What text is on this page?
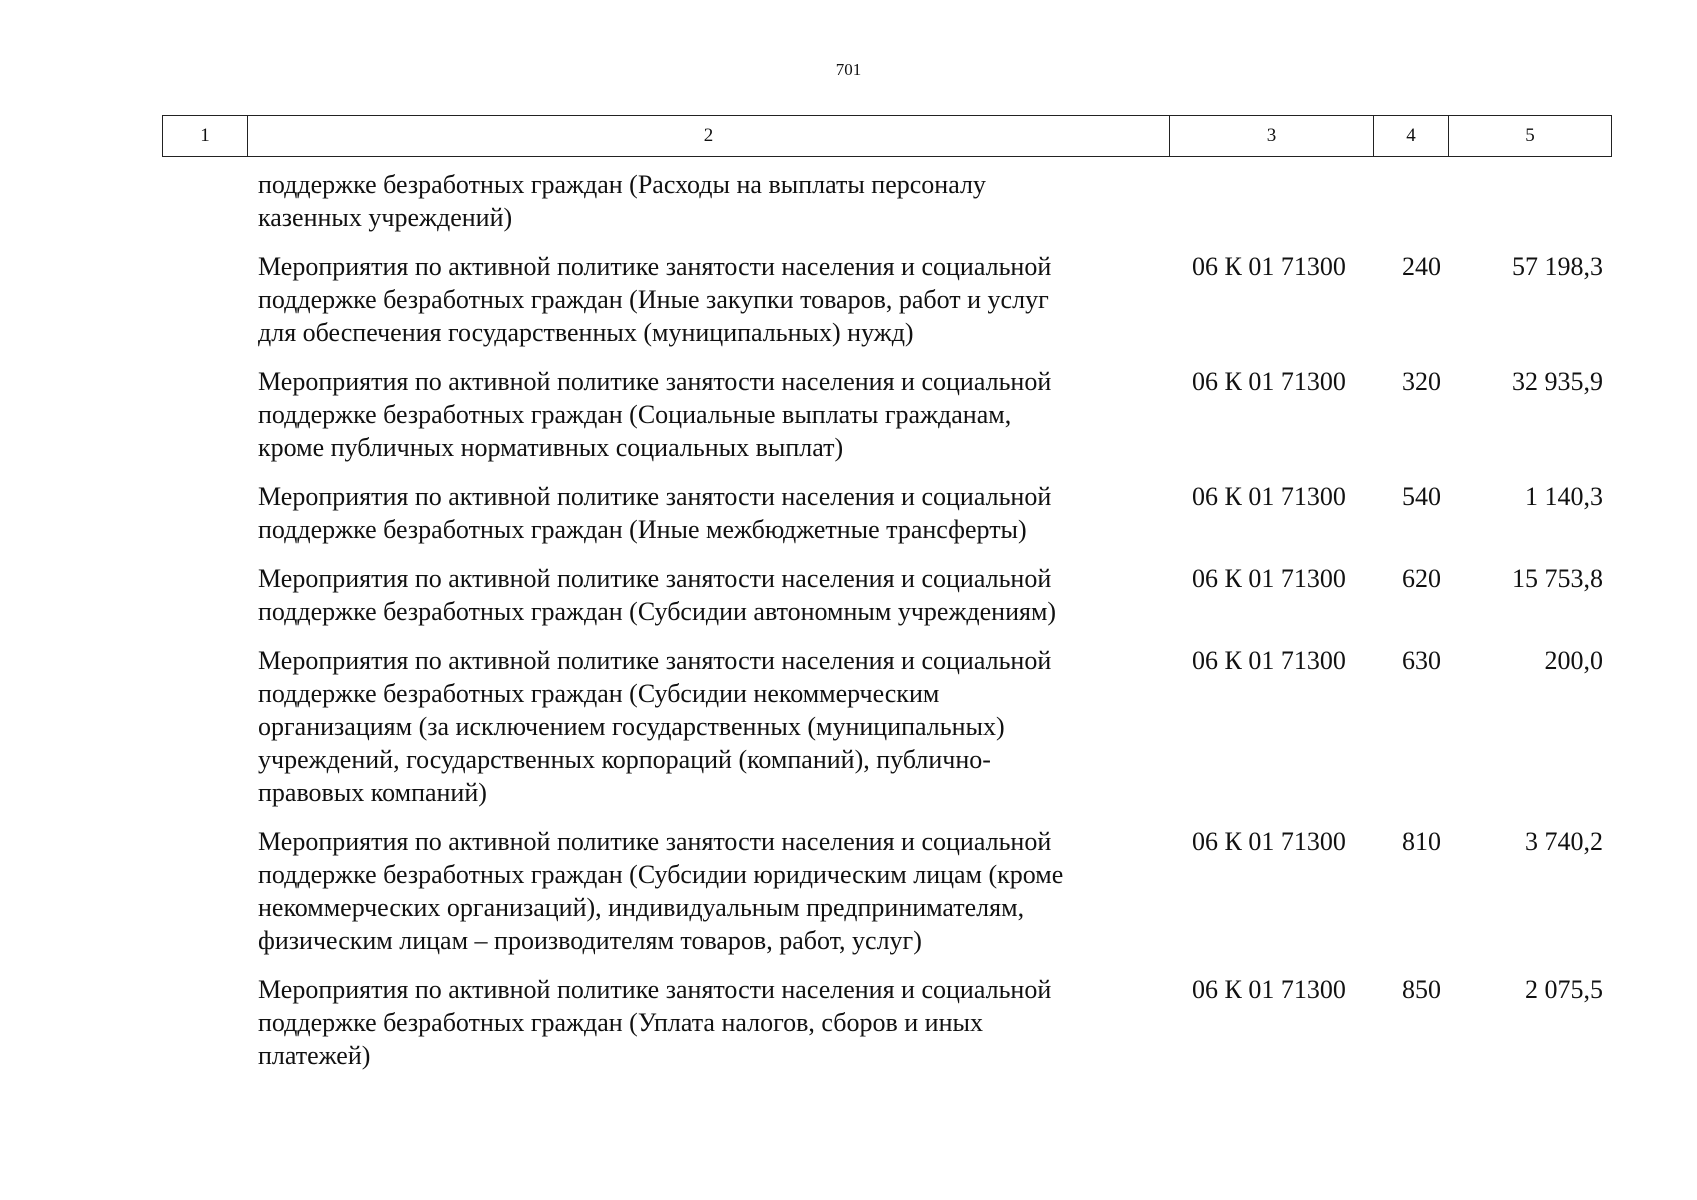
701
1	2	3	4	5
поддержке безработных граждан (Расходы на выплаты персоналу
казенных учреждений)
Мероприятия по активной политике занятости населения и социальной
поддержке безработных граждан (Иные закупки товаров, работ и услуг
для обеспечения государственных (муниципальных) нужд)
06 К 01 71300	240	57 198,3
Мероприятия по активной политике занятости населения и социальной
поддержке безработных граждан (Социальные выплаты гражданам,
кроме публичных нормативных социальных выплат)
06 К 01 71300	320	32 935,9
Мероприятия по активной политике занятости населения и социальной
поддержке безработных граждан (Иные межбюджетные трансферты)
06 К 01 71300	540	1 140,3
Мероприятия по активной политике занятости населения и социальной
поддержке безработных граждан (Субсидии автономным учреждениям)
06 К 01 71300	620	15 753,8
Мероприятия по активной политике занятости населения и социальной
поддержке безработных граждан (Субсидии некоммерческим
организациям (за исключением государственных (муниципальных)
учреждений, государственных корпораций (компаний), публично-
правовых компаний)
06 К 01 71300	630	200,0
Мероприятия по активной политике занятости населения и социальной
поддержке безработных граждан (Субсидии юридическим лицам (кроме
некоммерческих организаций), индивидуальным предпринимателям,
физическим лицам – производителям товаров, работ, услуг)
06 К 01 71300	810	3 740,2
Мероприятия по активной политике занятости населения и социальной
поддержке безработных граждан (Уплата налогов, сборов и иных
платежей)
06 К 01 71300	850	2 075,5
